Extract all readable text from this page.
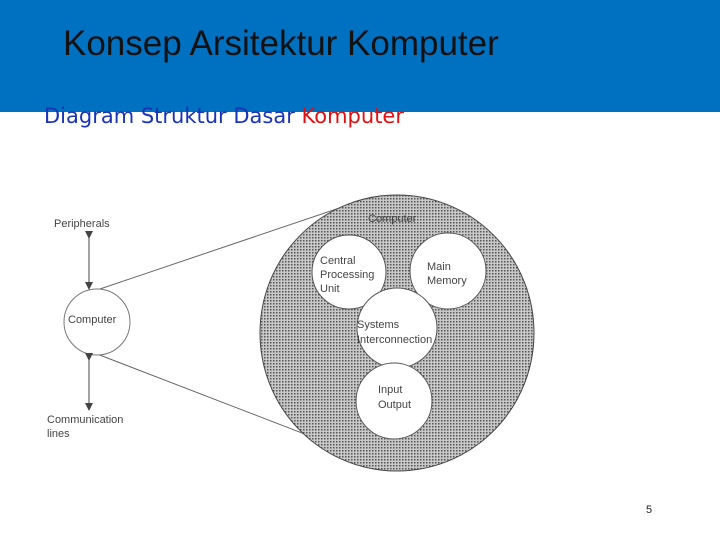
Konsep Arsitektur Komputer
Diagram Struktur Dasar Komputer
Peripherals
Computer
Communication
lines
Computer
Central
Processing
Unit
Main
Memory
Systems
Interconnection
Input
Output
5
